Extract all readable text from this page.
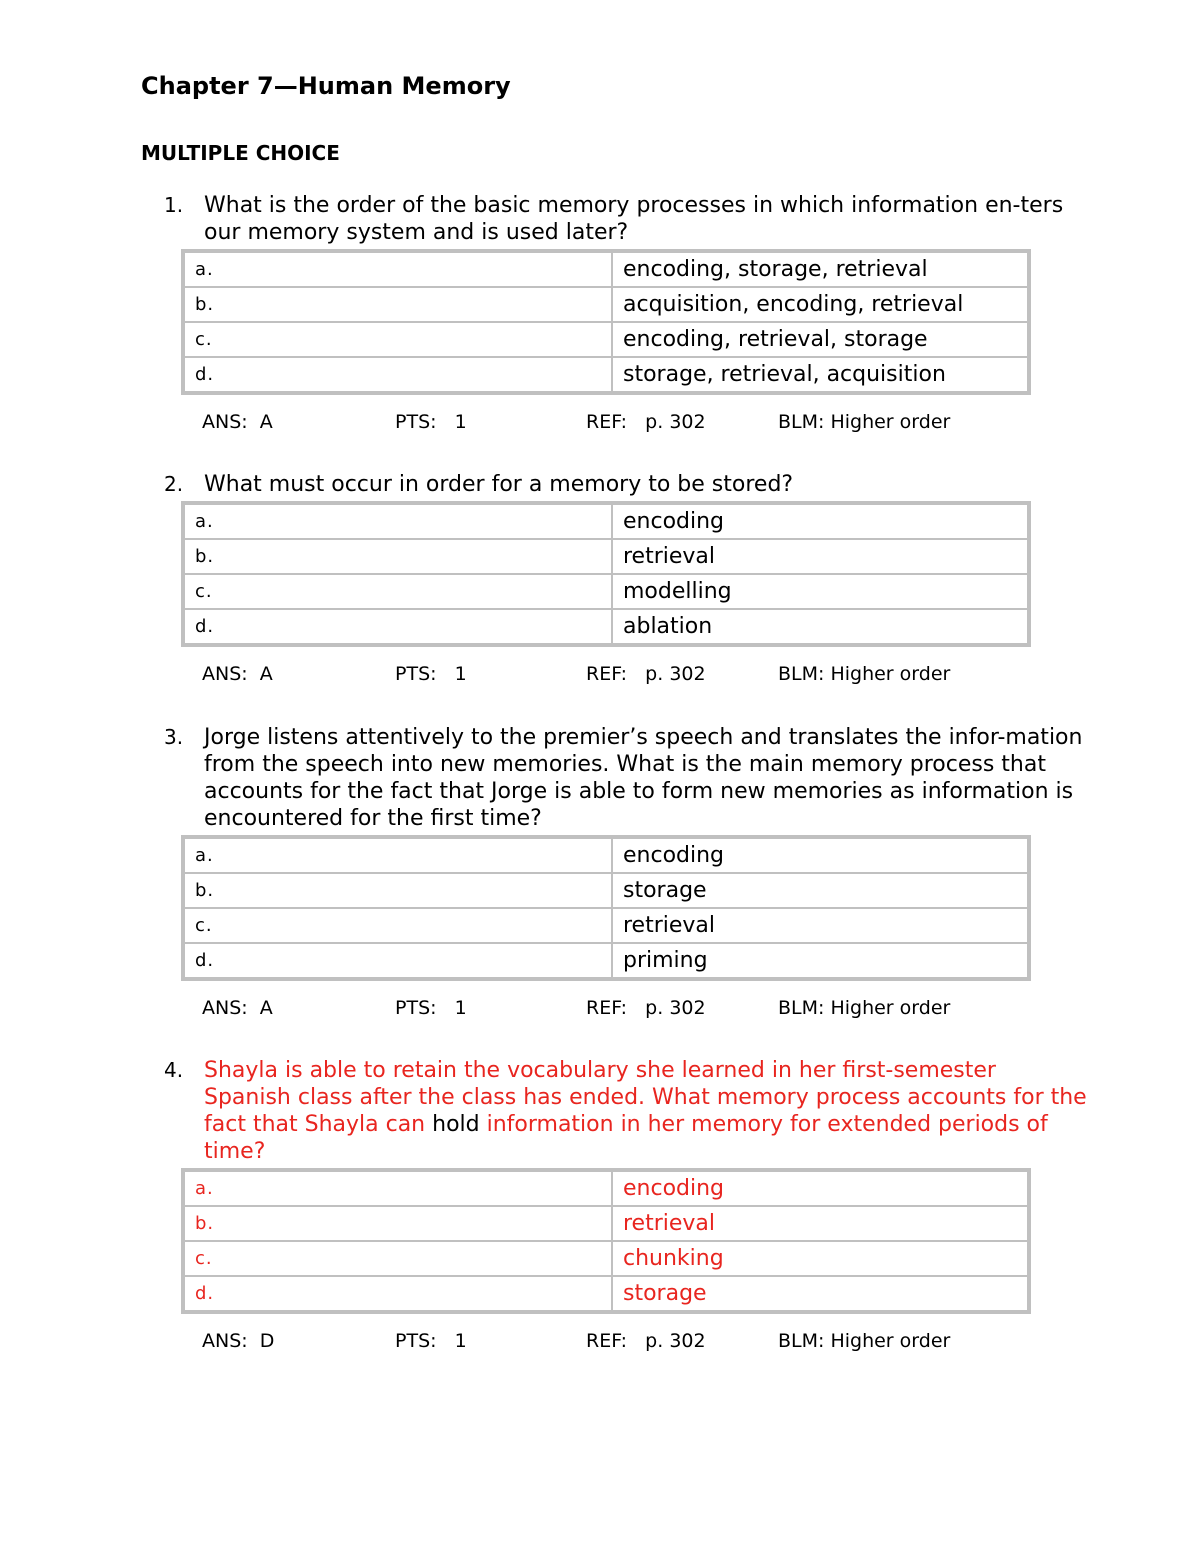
Chapter 7—Human Memory
MULTIPLE CHOICE
1. What is the order of the basic memory processes in which information en-ters our memory system and is used later?
a.	encoding, storage, retrieval
b.	acquisition, encoding, retrieval
c.	encoding, retrieval, storage
d.	storage, retrieval, acquisition
ANS:  A	PTS:   1	REF:   p. 302	BLM: Higher order
2. What must occur in order for a memory to be stored?
a.	encoding
b.	retrieval
c.	modelling
d.	ablation
ANS:  A	PTS:   1	REF:   p. 302	BLM: Higher order
3. Jorge listens attentively to the premier’s speech and translates the infor-mation from the speech into new memories. What is the main memory process that accounts for the fact that Jorge is able to form new memories as information is encountered for the first time?
a.	encoding
b.	storage
c.	retrieval
d.	priming
ANS:  A	PTS:   1	REF:   p. 302	BLM: Higher order
4. Shayla is able to retain the vocabulary she learned in her first-semester Spanish class after the class has ended. What memory process accounts for the fact that Shayla can hold information in her memory for extended periods of time?
a.	encoding
b.	retrieval
c.	chunking
d.	storage
ANS:  D	PTS:   1	REF:   p. 302	BLM: Higher order
